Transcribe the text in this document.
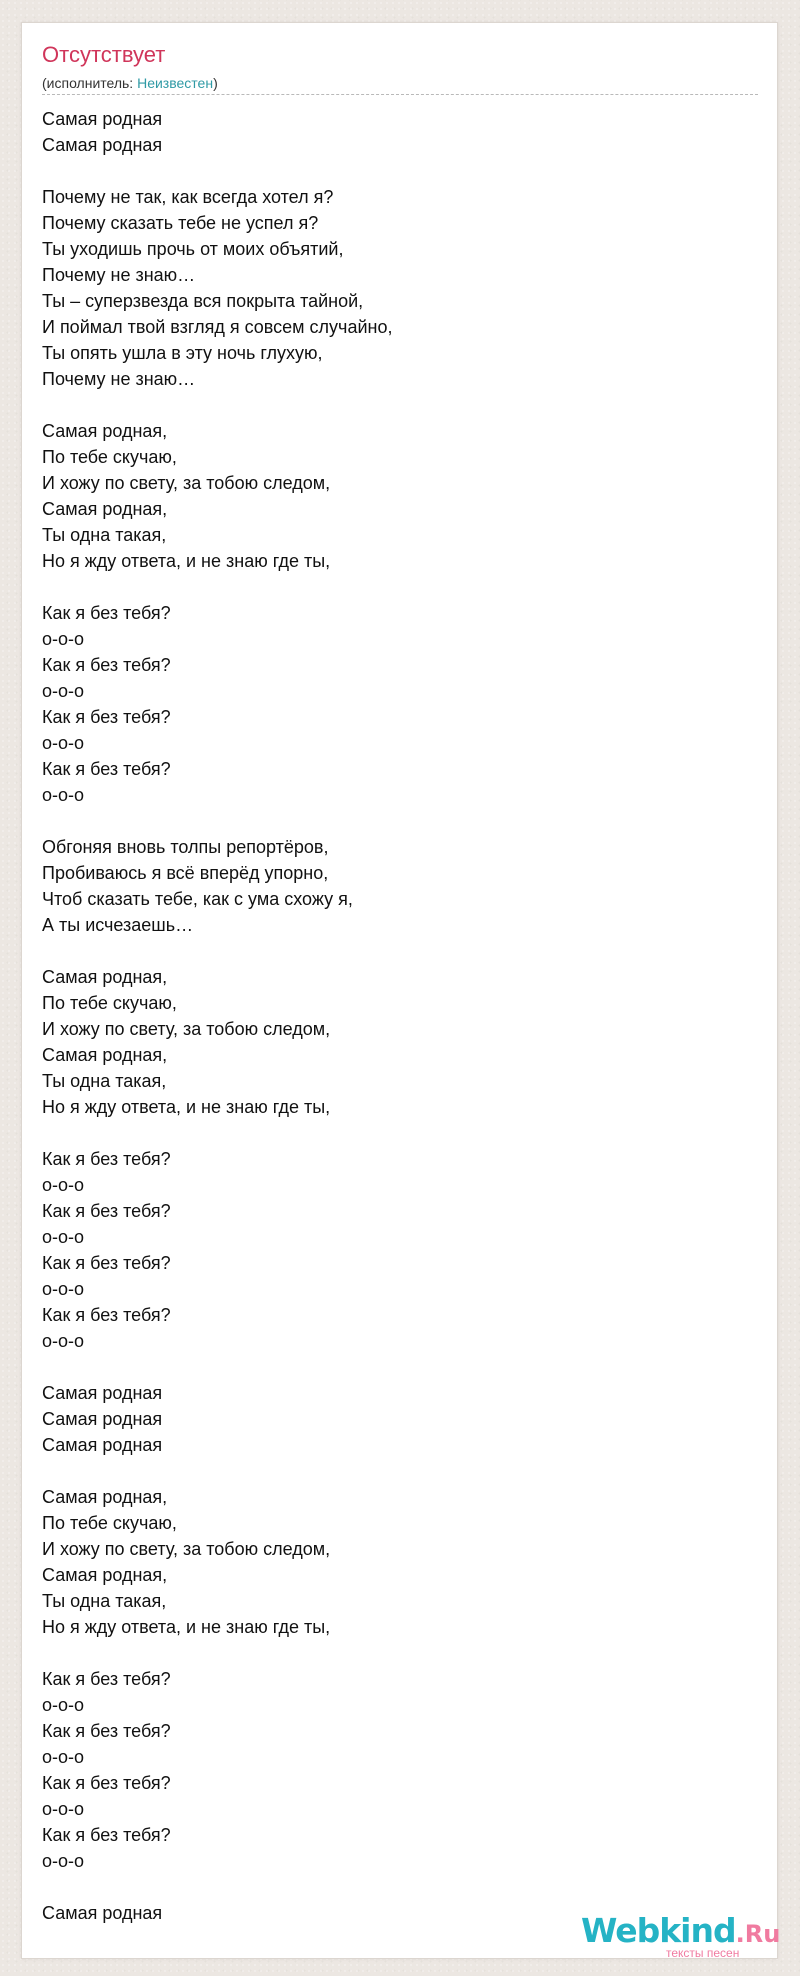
Отсутствует
(исполнитель: Неизвестен)
Самая родная
Самая родная
Почему не так, как всегда хотел я?
Почему сказать тебе не успел я?
Ты уходишь прочь от моих объятий,
Почему не знаю…
Ты – суперзвезда вся покрыта тайной,
И поймал твой взгляд я совсем случайно,
Ты опять ушла в эту ночь глухую,
Почему не знаю…
Самая родная,
По тебе скучаю,
И хожу по свету, за тобою следом,
Самая родная,
Ты одна такая,
Но я жду ответа, и не знаю где ты,
Как я без тебя?
о-о-о
Как я без тебя?
о-о-о
Как я без тебя?
о-о-о
Как я без тебя?
о-о-о
Обгоняя вновь толпы репортёров,
Пробиваюсь я всё вперёд упорно,
Чтоб сказать тебе, как с ума схожу я,
А ты исчезаешь…
Самая родная,
По тебе скучаю,
И хожу по свету, за тобою следом,
Самая родная,
Ты одна такая,
Но я жду ответа, и не знаю где ты,
Как я без тебя?
о-о-о
Как я без тебя?
о-о-о
Как я без тебя?
о-о-о
Как я без тебя?
о-о-о
Самая родная
Самая родная
Самая родная
Самая родная,
По тебе скучаю,
И хожу по свету, за тобою следом,
Самая родная,
Ты одна такая,
Но я жду ответа, и не знаю где ты,
Как я без тебя?
о-о-о
Как я без тебя?
о-о-о
Как я без тебя?
о-о-о
Как я без тебя?
о-о-о
Самая родная	Webkind.Ru
тексты песен
